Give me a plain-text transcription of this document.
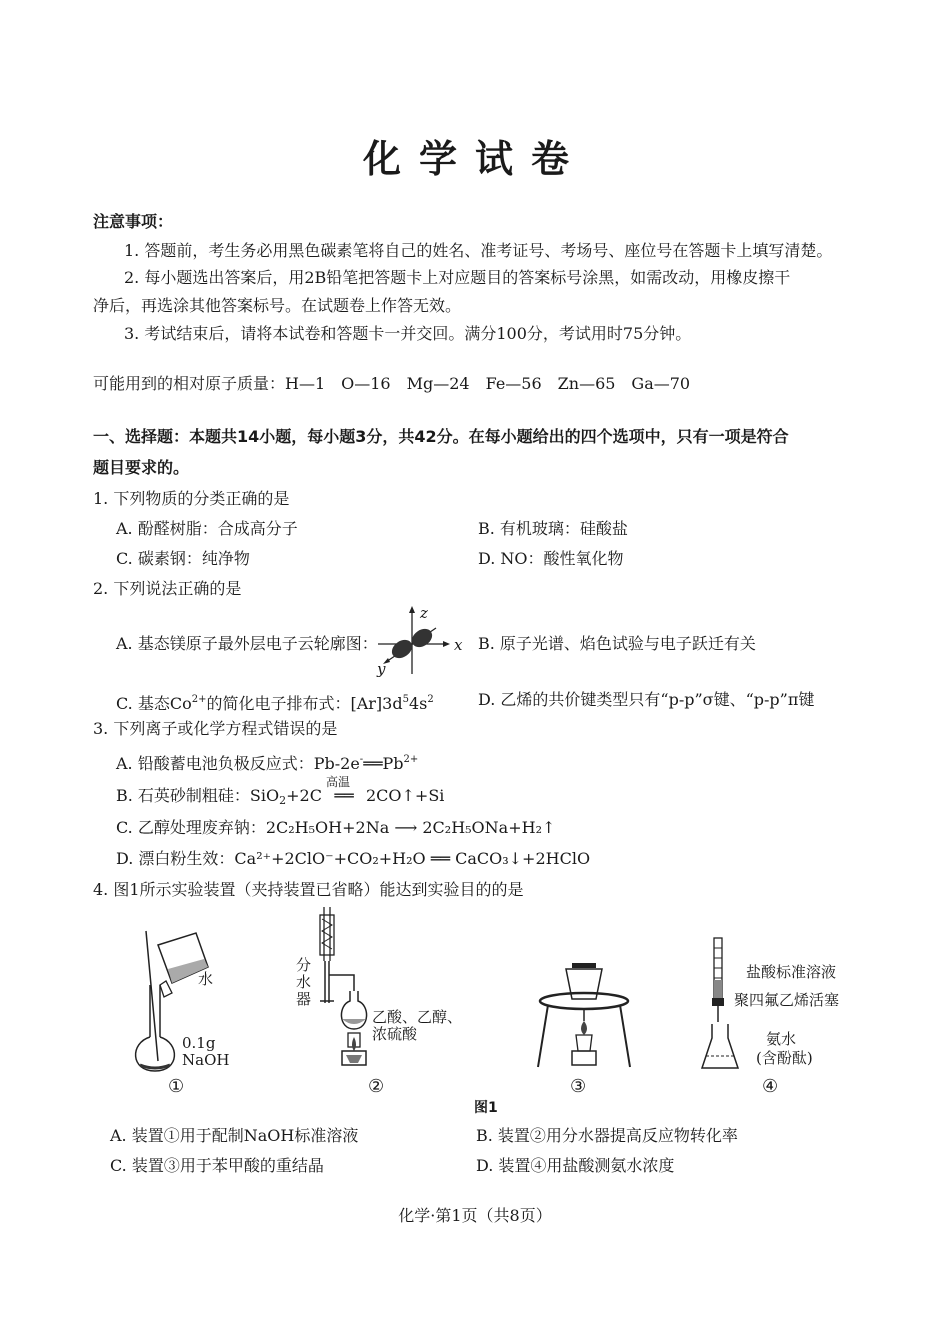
化学试卷
注意事项：
1. 答题前，考生务必用黑色碳素笔将自己的姓名、准考证号、考场号、座位号在答题卡上填写清楚。
2. 每小题选出答案后，用2B铅笔把答题卡上对应题目的答案标号涂黑，如需改动，用橡皮擦干
净后，再选涂其他答案标号。在试题卷上作答无效。
3. 考试结束后，请将本试卷和答题卡一并交回。满分100分，考试用时75分钟。
可能用到的相对原子质量：H—1　O—16　Mg—24　Fe—56　Zn—65　Ga—70
一、选择题：本题共14小题，每小题3分，共42分。在每小题给出的四个选项中，只有一项是符合
题目要求的。
1. 下列物质的分类正确的是
A. 酚醛树脂：合成高分子	B. 有机玻璃：硅酸盐
C. 碳素钢：纯净物	D. NO：酸性氧化物
2. 下列说法正确的是
A. 基态镁原子最外层电子云轮廓图：
z
x
y
B. 原子光谱、焰色试验与电子跃迁有关
C. 基态$Co^{2+}$的简化电子排布式：$[Ar]3d^54s^2$	D. 乙烯的共价键类型只有“p-p”σ键、“p-p”π键
3. 下列离子或化学方程式错误的是
A. 铅酸蓄电池负极反应式：$Pb-2e^-══Pb^{2+}$
B. 石英砂制粗硅：SiO$_2$+2C
高温
══ 2CO↑+Si
C. 乙醇处理废弃钠：2C₂H₅OH+2Na ⟶ 2C₂H₅ONa+H₂↑
D. 漂白粉生效：Ca²⁺+2ClO⁻+CO₂+H₂O ══ CaCO₃↓+2HClO
4. 图1所示实验装置（夹持装置已省略）能达到实验目的的是
水
0.1g
NaOH
①
分
水
器
乙酸、乙醇、
浓硫酸
②	③
盐酸标准溶液
聚四氟乙烯活塞
氨水
(含酚酞)
④
图1
A. 装置①用于配制NaOH标准溶液	B. 装置②用分水器提高反应物转化率
C. 装置③用于苯甲酸的重结晶	D. 装置④用盐酸测氨水浓度
化学·第1页（共8页）
